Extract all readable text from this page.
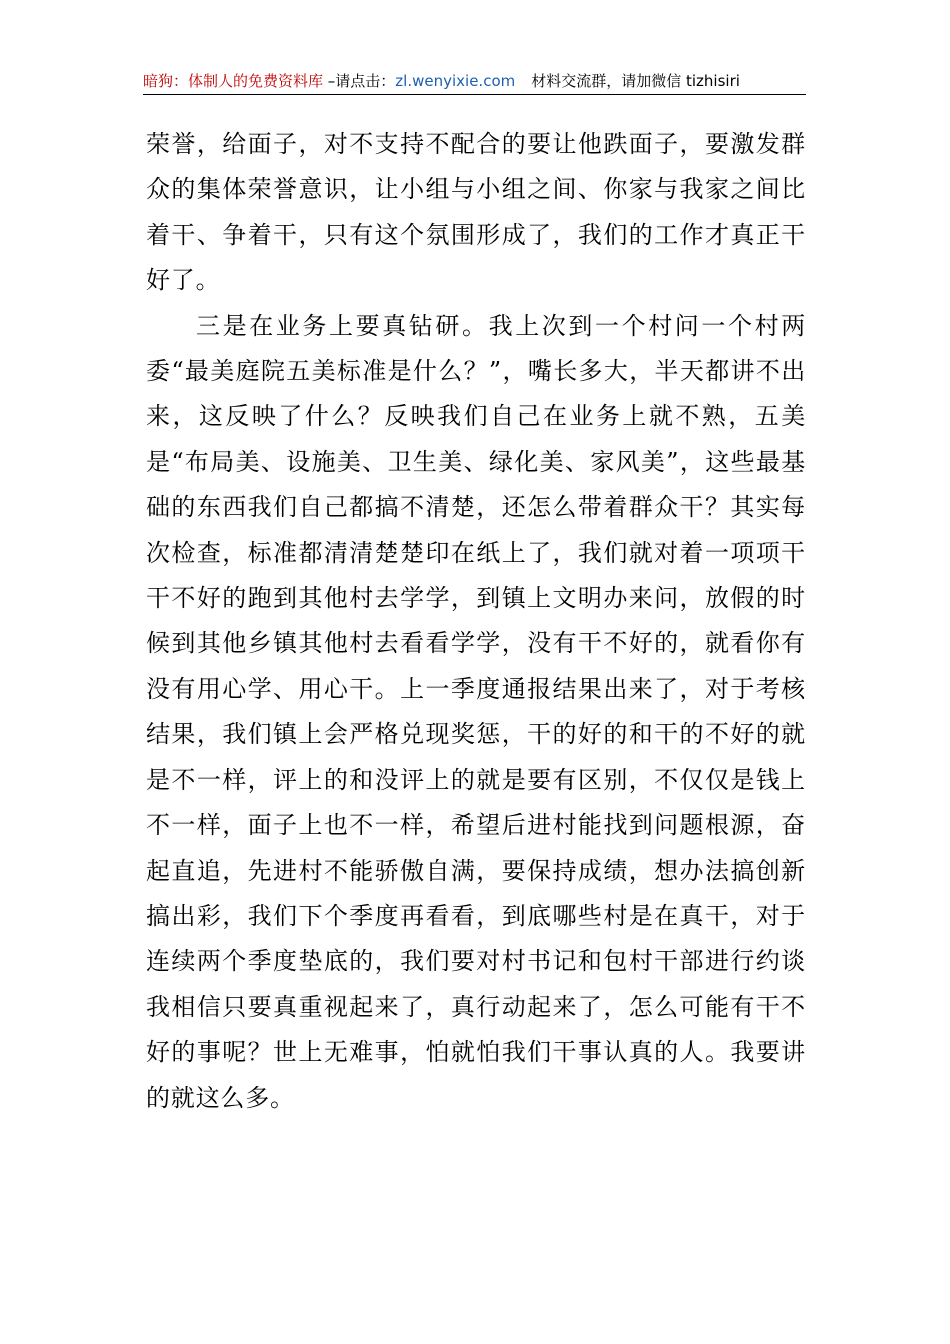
暗狗：体制人的免费资料库 –请点击：zl.wenyixie.com 材料交流群，请加微信 tizhisiri

荣誉，给面子，对不支持不配合的要让他跌面子，要激发群众的集体荣誉意识，让小组与小组之间、你家与我家之间比着干、争着干，只有这个氛围形成了，我们的工作才真正干好了。

三是在业务上要真钻研。我上次到一个村问一个村两委“最美庭院五美标准是什么？”，嘴长多大，半天都讲不出来，这反映了什么？反映我们自己在业务上就不熟，五美是“布局美、设施美、卫生美、绿化美、家风美”，这些最基础的东西我们自己都搞不清楚，还怎么带着群众干？其实每次检查，标准都清清楚楚印在纸上了，我们就对着一项项干干不好的跑到其他村去学学，到镇上文明办来问，放假的时候到其他乡镇其他村去看看学学，没有干不好的，就看你有没有用心学、用心干。上一季度通报结果出来了，对于考核结果，我们镇上会严格兑现奖惩，干的好的和干的不好的就是不一样，评上的和没评上的就是要有区别，不仅仅是钱上不一样，面子上也不一样，希望后进村能找到问题根源，奋起直追，先进村不能骄傲自满，要保持成绩，想办法搞创新搞出彩，我们下个季度再看看，到底哪些村是在真干，对于连续两个季度垫底的，我们要对村书记和包村干部进行约谈我相信只要真重视起来了，真行动起来了，怎么可能有干不好的事呢？世上无难事，怕就怕我们干事认真的人。我要讲的就这么多。
